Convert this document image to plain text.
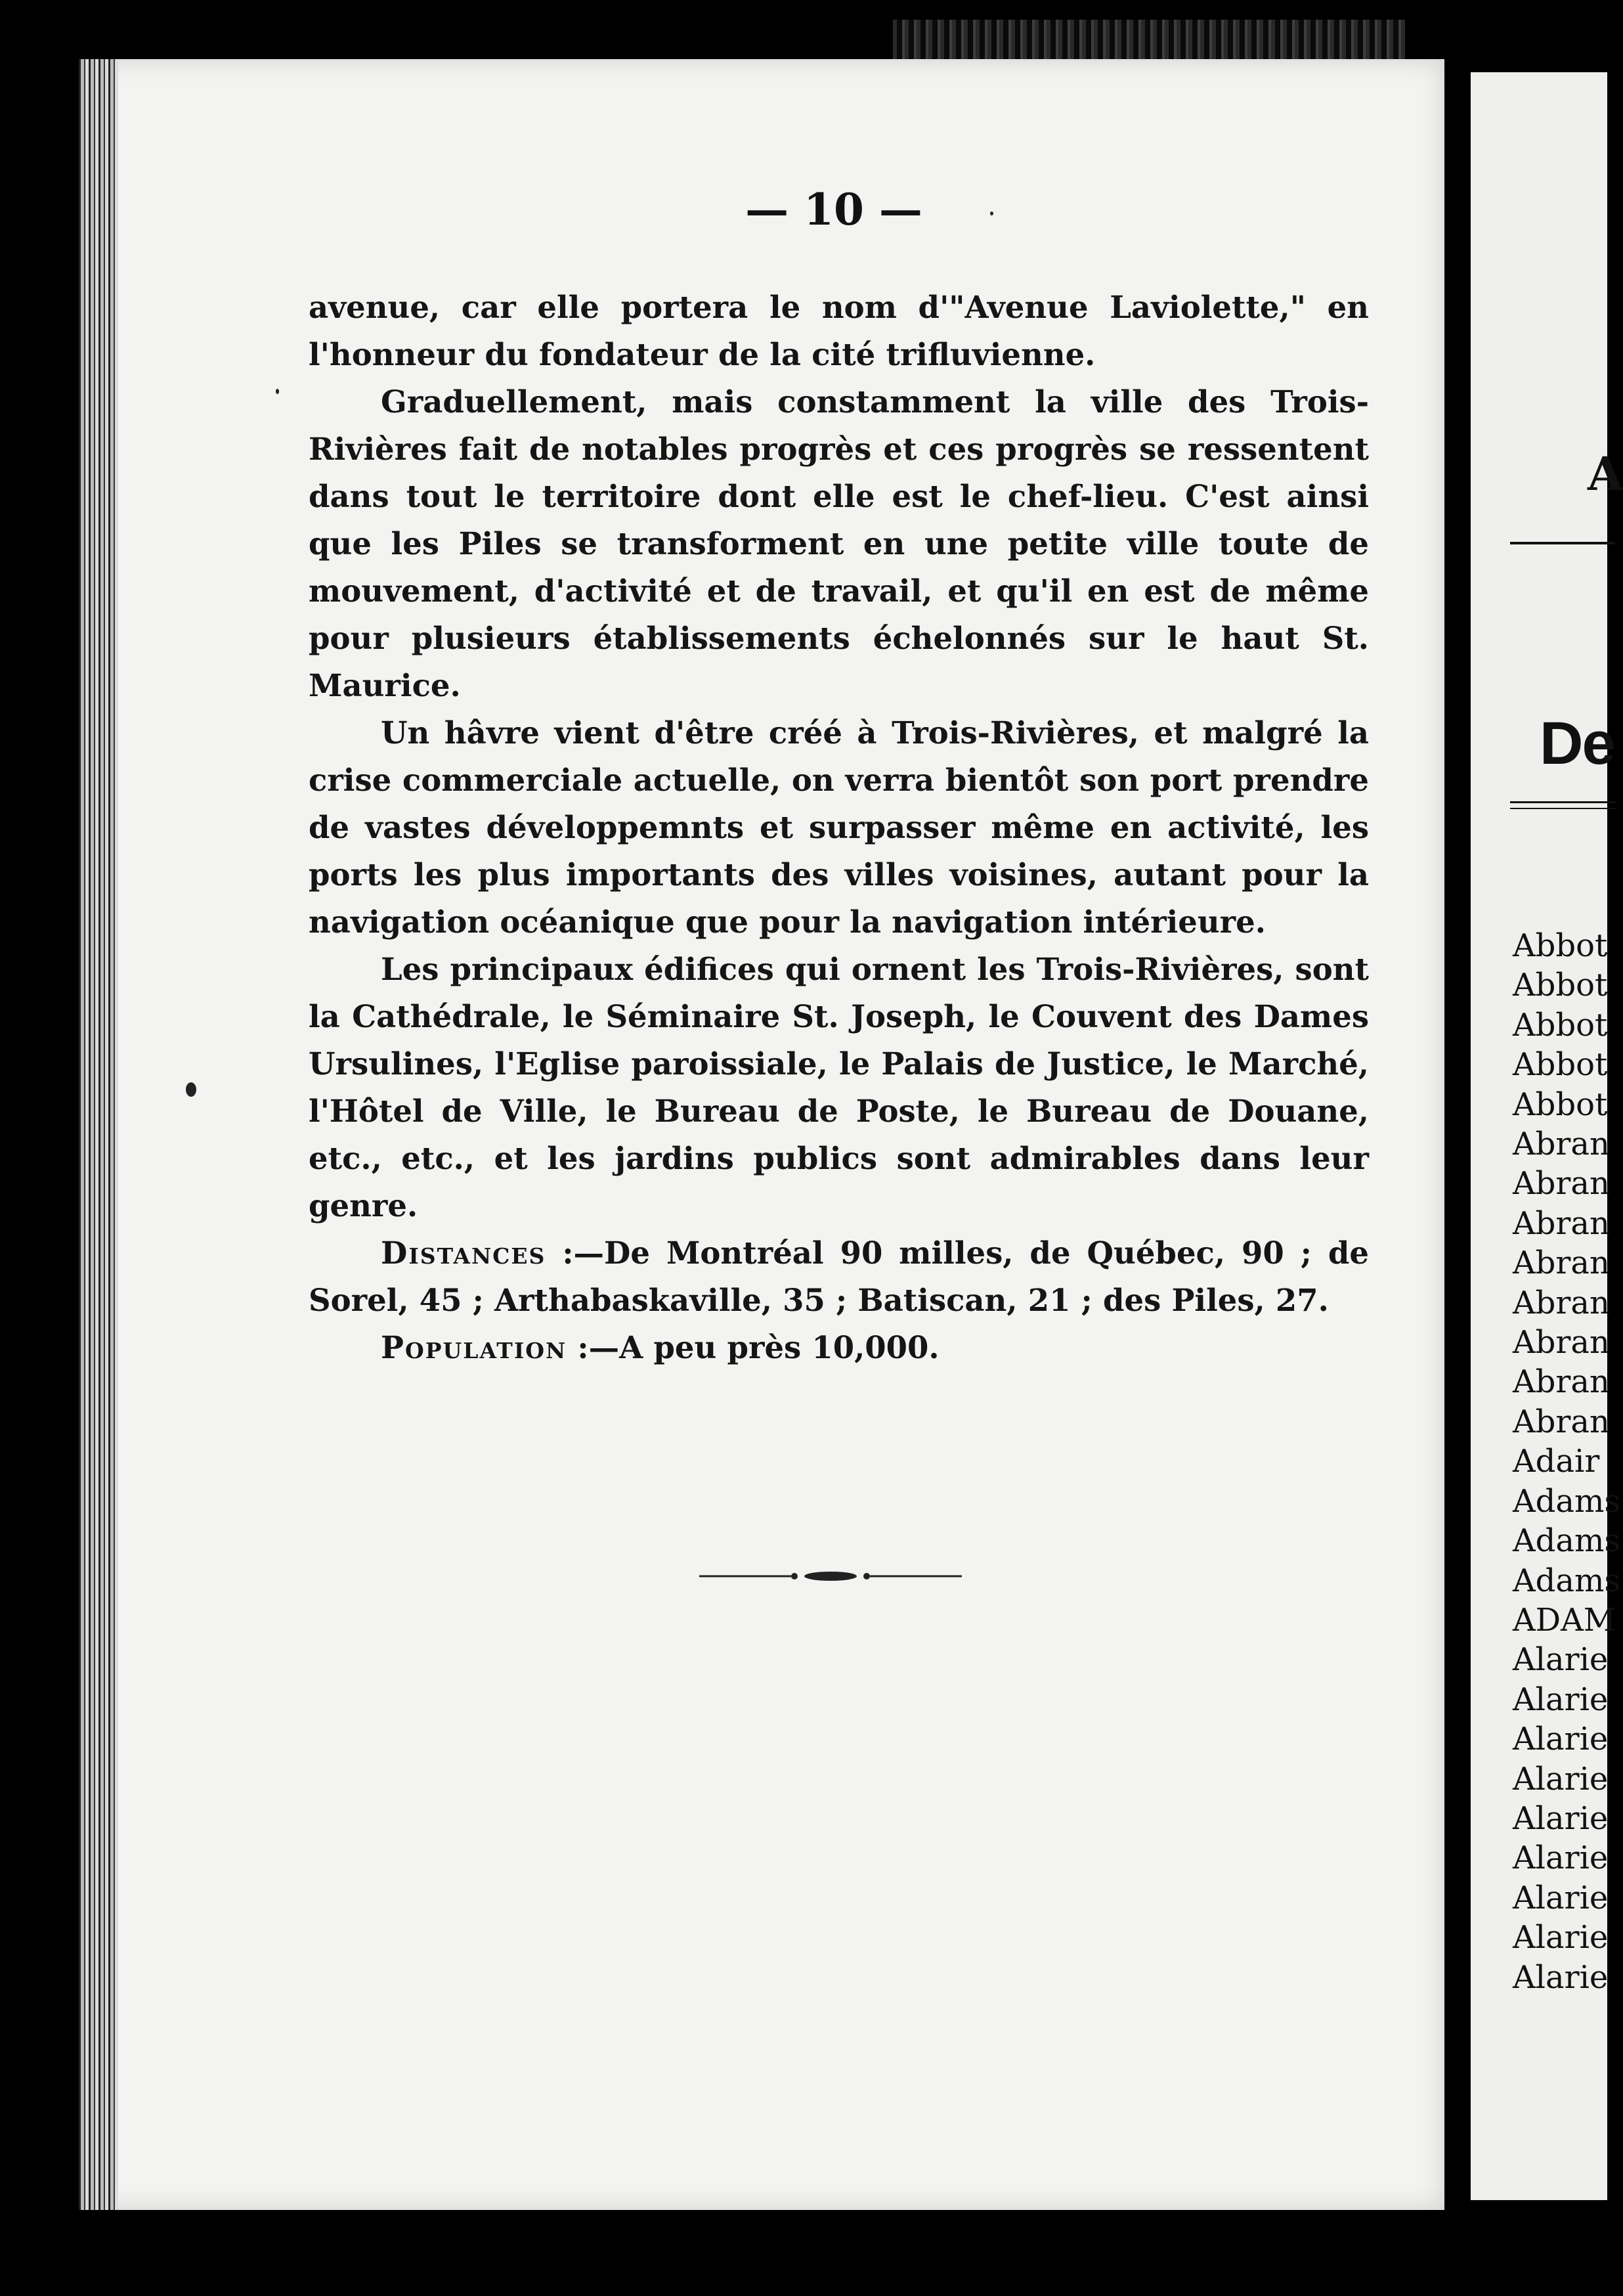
— 10 —

avenue, car elle portera le nom d'"Avenue Laviolette," en l'honneur du fondateur de la cité trifluvienne.

Graduellement, mais constamment la ville des Trois-Rivières fait de notables progrès et ces progrès se ressentent dans tout le territoire dont elle est le chef-lieu. C'est ainsi que les Piles se transforment en une petite ville toute de mouvement, d'activité et de travail, et qu'il en est de même pour plusieurs établissements échelonnés sur le haut St. Maurice.

Un hâvre vient d'être créé à Trois-Rivières, et malgré la crise commerciale actuelle, on verra bientôt son port prendre de vastes développemnts et surpasser même en activité, les ports les plus importants des villes voisines, autant pour la navigation océanique que pour la navigation intérieure.

Les principaux édifices qui ornent les Trois-Rivières, sont la Cathédrale, le Séminaire St. Joseph, le Couvent des Dames Ursulines, l'Eglise paroissiale, le Palais de Justice, le Marché, l'Hôtel de Ville, le Bureau de Poste, le Bureau de Douane, etc., etc., et les jardins publics sont admirables dans leur genre.

Distances :—De Montréal 90 milles, de Québec, 90 ; de Sorel, 45 ; Arthabaskaville, 35 ; Batiscan, 21 ; des Piles, 27.

Population :—A peu près 10,000.

A
De
Abbot
Abbot
Abbot
Abbot
Abbot
Abran
Abran
Abran
Abran
Abran
Abran
Abran
Abran
Adair
Adams
Adams
Adams
ADAM
Alarie
Alarie
Alarie
Alarie
Alarie
Alarie
Alarie
Alarie
Alarie
